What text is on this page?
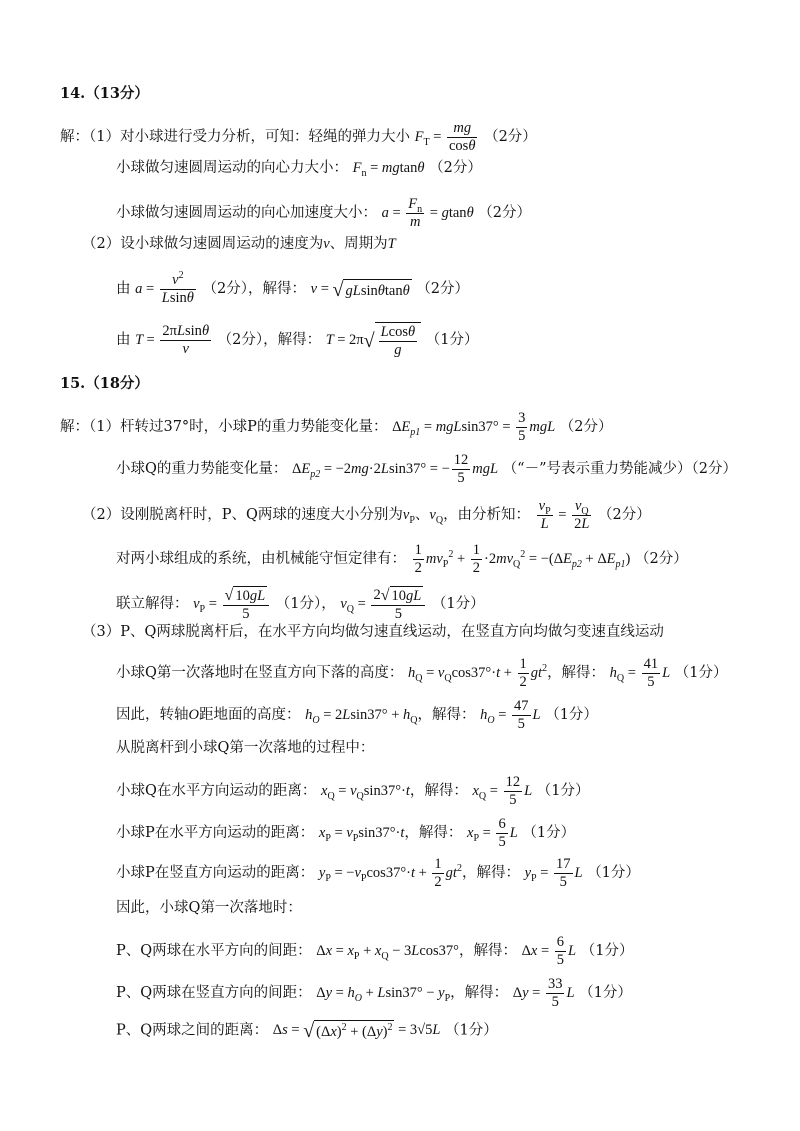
14.（13分）
解：（1）对小球进行受力分析，可知：轻绳的弹力大小 $F_T = \frac{mg}{\cos\theta} (2$分）
小球做匀速圆周运动的向心力大小： $F_n = mgtan\theta$ （2分）
小球做匀速圆周运动的向心加速度大小： $a = \frac{F_n}{m} = gtan\theta$ （2分）
（2）设小球做匀速圆周运动的速度为v、周期为T
由 $a = \frac{v^2}{Lsin\theta} (2$分），解得： v = √ gLsinθtanθ （2分）
由 $T = \frac{2\pi Lsin\theta}{v} (2$分），解得： $T = 2\pi√ \frac{Lcos\theta}{g} (1$分）
15.（18分）
解：（1）杆转过37°时，小球P的重力势能变化量： $\Delta E_{p1} = mgLsin37^\circ = \frac{3}{5}$ mgL （2分）
小球Q的重力势能变化量： $\Delta E_{p2} = -2mg\cdot 2Lsin37^\circ$ = − $\frac{12}{5}$ mgL （“－”号表示重力势能减少）（2分）
（2）设刚脱离杆时，P、Q两球的速度大小分别为$v_P$、$v_Q$，由分析知： $\frac{v_P}{L} = \frac{v_Q}{2L} (2$分）
对两小球组成的系统，由机械能守恒定律有： $\frac{1}{2} mv_P^2 + \frac{1}{2} \cdot 2mv_Q^2 = -(\Delta E_{p2} + \Delta E_{p1})$ （2分）
联立解得： $v_P = \frac{√ 10gL}{5} (1$分）， $v_Q = \frac{2√ 10gL}{5} (1$分）
（3）P、Q两球脱离杆后，在水平方向均做匀速直线运动，在竖直方向均做匀变速直线运动
小球Q第一次落地时在竖直方向下落的高度： $h_Q = v_Q\cos 37^\circ\cdot t + \frac{1}{2} gt^2$，解得： $h_Q = \frac{41}{5}$ L （1分）
因此，转轴O距地面的高度： $h_O = 2Lsin37^\circ + h_Q$，解得： $h_O = \frac{47}{5}$ L （1分）
从脱离杆到小球Q第一次落地的过程中：
小球Q在水平方向运动的距离： $x_Q = v_Q\sin 37^\circ\cdot t$，解得： $x_Q = \frac{12}{5}$ L （1分）
小球P在水平方向运动的距离： $x_P = v_P\sin 37^\circ\cdot t$，解得： $x_P = \frac{6}{5}$ L （1分）
小球P在竖直方向运动的距离： $y_P = -v_P\cos 37^\circ\cdot t + \frac{1}{2} gt^2$，解得： $y_P = \frac{17}{5}$ L （1分）
因此，小球Q第一次落地时：
P、Q两球在水平方向的间距： $\Delta x = x_P + x_Q - 3Lcos37^\circ$，解得： $\Delta x = \frac{6}{5}$ L （1分）
P、Q两球在竖直方向的间距： $\Delta y = h_O + Lsin37^\circ - y_P$，解得： $\Delta y = \frac{33}{5}$ L （1分）
P、Q两球之间的距离： Δs = √ $(\Delta x)^2 + (\Delta y)^2 = 3√5L$ （1分）
